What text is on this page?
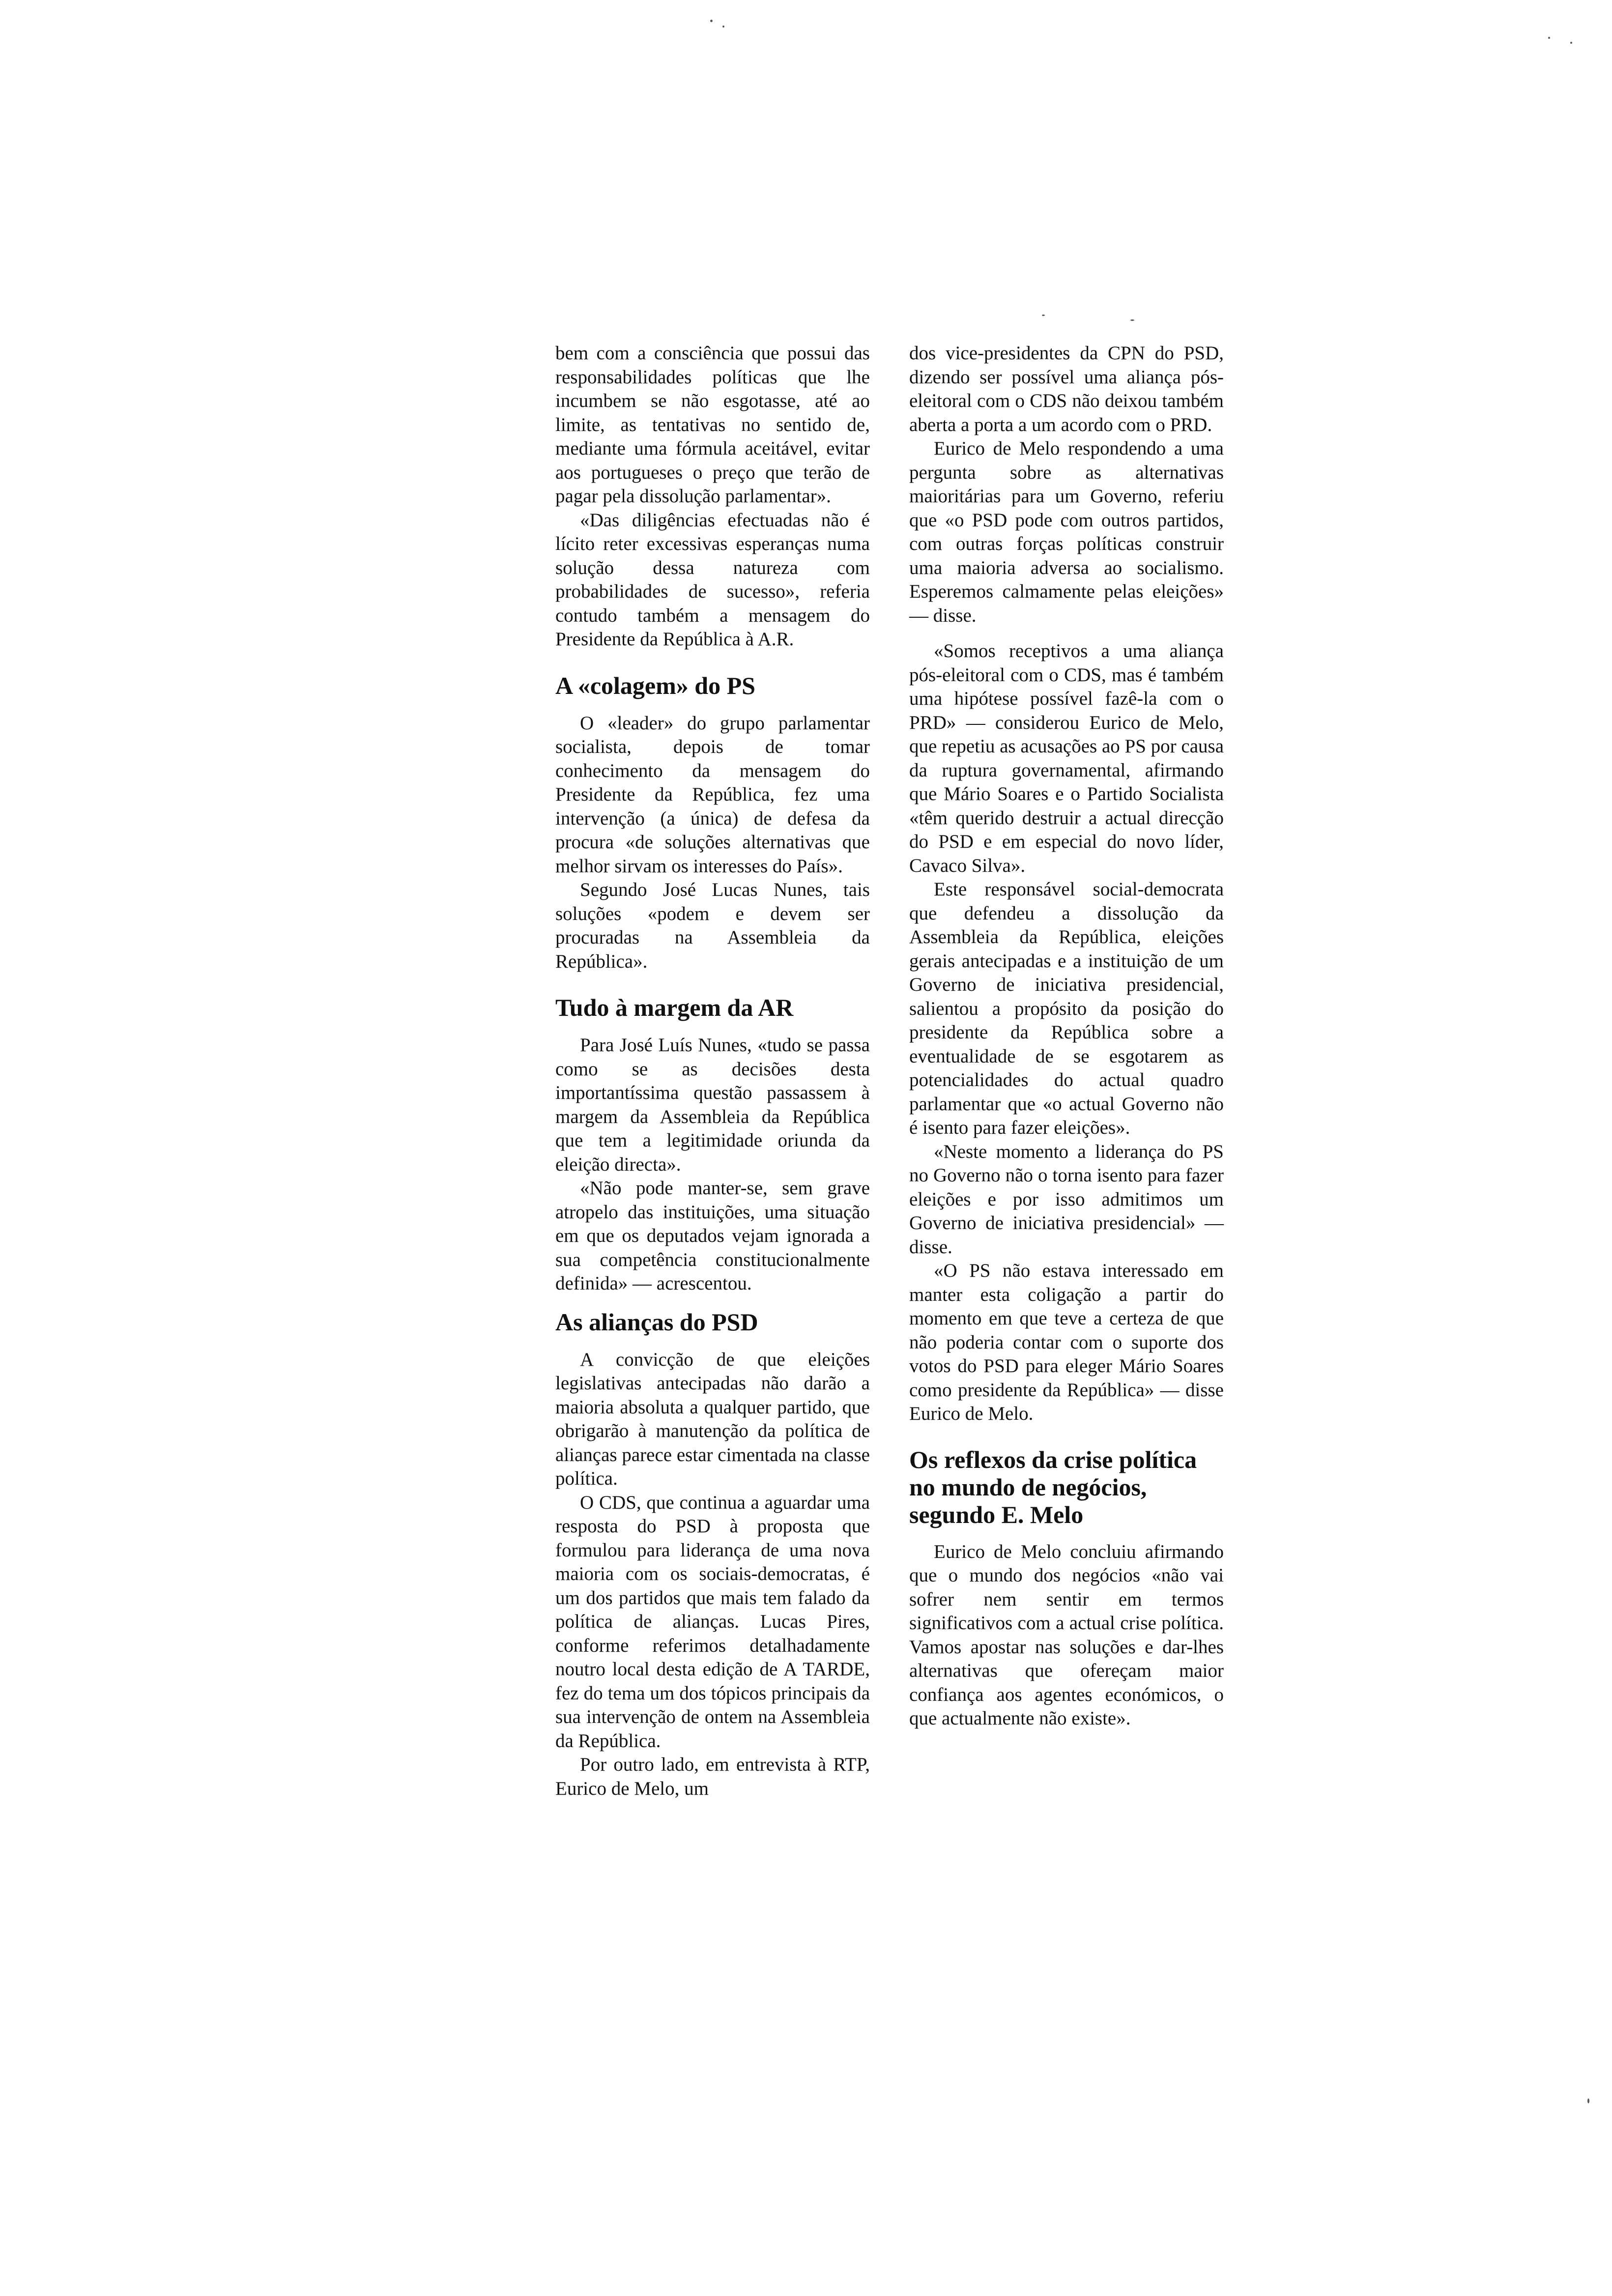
bem com a consciência que possui das responsabilidades políticas que lhe incumbem se não esgotasse, até ao limite, as tentativas no sentido de, mediante uma fórmula aceitável, evitar aos portugueses o preço que terão de pagar pela dissolução parlamentar».

«Das diligências efectuadas não é lícito reter excessivas esperanças numa solução dessa natureza com probabilidades de sucesso», referia contudo também a mensagem do Presidente da República à A.R.

A «colagem» do PS

O «leader» do grupo parlamentar socialista, depois de tomar conhecimento da mensagem do Presidente da República, fez uma intervenção (a única) de defesa da procura «de soluções alternativas que melhor sirvam os interesses do País».

Segundo José Lucas Nunes, tais soluções «podem e devem ser procuradas na Assembleia da República».

Tudo à margem da AR

Para José Luís Nunes, «tudo se passa como se as decisões desta importantíssima questão passassem à margem da Assembleia da República que tem a legitimidade oriunda da eleição directa».

«Não pode manter-se, sem grave atropelo das instituições, uma situação em que os deputados vejam ignorada a sua competência constitucionalmente definida» — acrescentou.

As alianças do PSD

A convicção de que eleições legislativas antecipadas não darão a maioria absoluta a qualquer partido, que obrigarão à manutenção da política de alianças parece estar cimentada na classe política.

O CDS, que continua a aguardar uma resposta do PSD à proposta que formulou para liderança de uma nova maioria com os sociais-democratas, é um dos partidos que mais tem falado da política de alianças. Lucas Pires, conforme referimos detalhadamente noutro local desta edição de A TARDE, fez do tema um dos tópicos principais da sua intervenção de ontem na Assembleia da República.

Por outro lado, em entrevista à RTP, Eurico de Melo, um

dos vice-presidentes da CPN do PSD, dizendo ser possível uma aliança pós-eleitoral com o CDS não deixou também aberta a porta a um acordo com o PRD.

Eurico de Melo respondendo a uma pergunta sobre as alternativas maioritárias para um Governo, referiu que «o PSD pode com outros partidos, com outras forças políticas construir uma maioria adversa ao socialismo. Esperemos calmamente pelas eleições» — disse.

«Somos receptivos a uma aliança pós-eleitoral com o CDS, mas é também uma hipótese possível fazê-la com o PRD» — considerou Eurico de Melo, que repetiu as acusações ao PS por causa da ruptura governamental, afirmando que Mário Soares e o Partido Socialista «têm querido destruir a actual direcção do PSD e em especial do novo líder, Cavaco Silva».

Este responsável social-democrata que defendeu a dissolução da Assembleia da República, eleições gerais antecipadas e a instituição de um Governo de iniciativa presidencial, salientou a propósito da posição do presidente da República sobre a eventualidade de se esgotarem as potencialidades do actual quadro parlamentar que «o actual Governo não é isento para fazer eleições».

«Neste momento a liderança do PS no Governo não o torna isento para fazer eleições e por isso admitimos um Governo de iniciativa presidencial» — disse.

«O PS não estava interessado em manter esta coligação a partir do momento em que teve a certeza de que não poderia contar com o suporte dos votos do PSD para eleger Mário Soares como presidente da República» — disse Eurico de Melo.

Os reflexos da crise política no mundo de negócios, segundo E. Melo

Eurico de Melo concluiu afirmando que o mundo dos negócios «não vai sofrer nem sentir em termos significativos com a actual crise política. Vamos apostar nas soluções e dar-lhes alternativas que ofereçam maior confiança aos agentes económicos, o que actualmente não existe».
